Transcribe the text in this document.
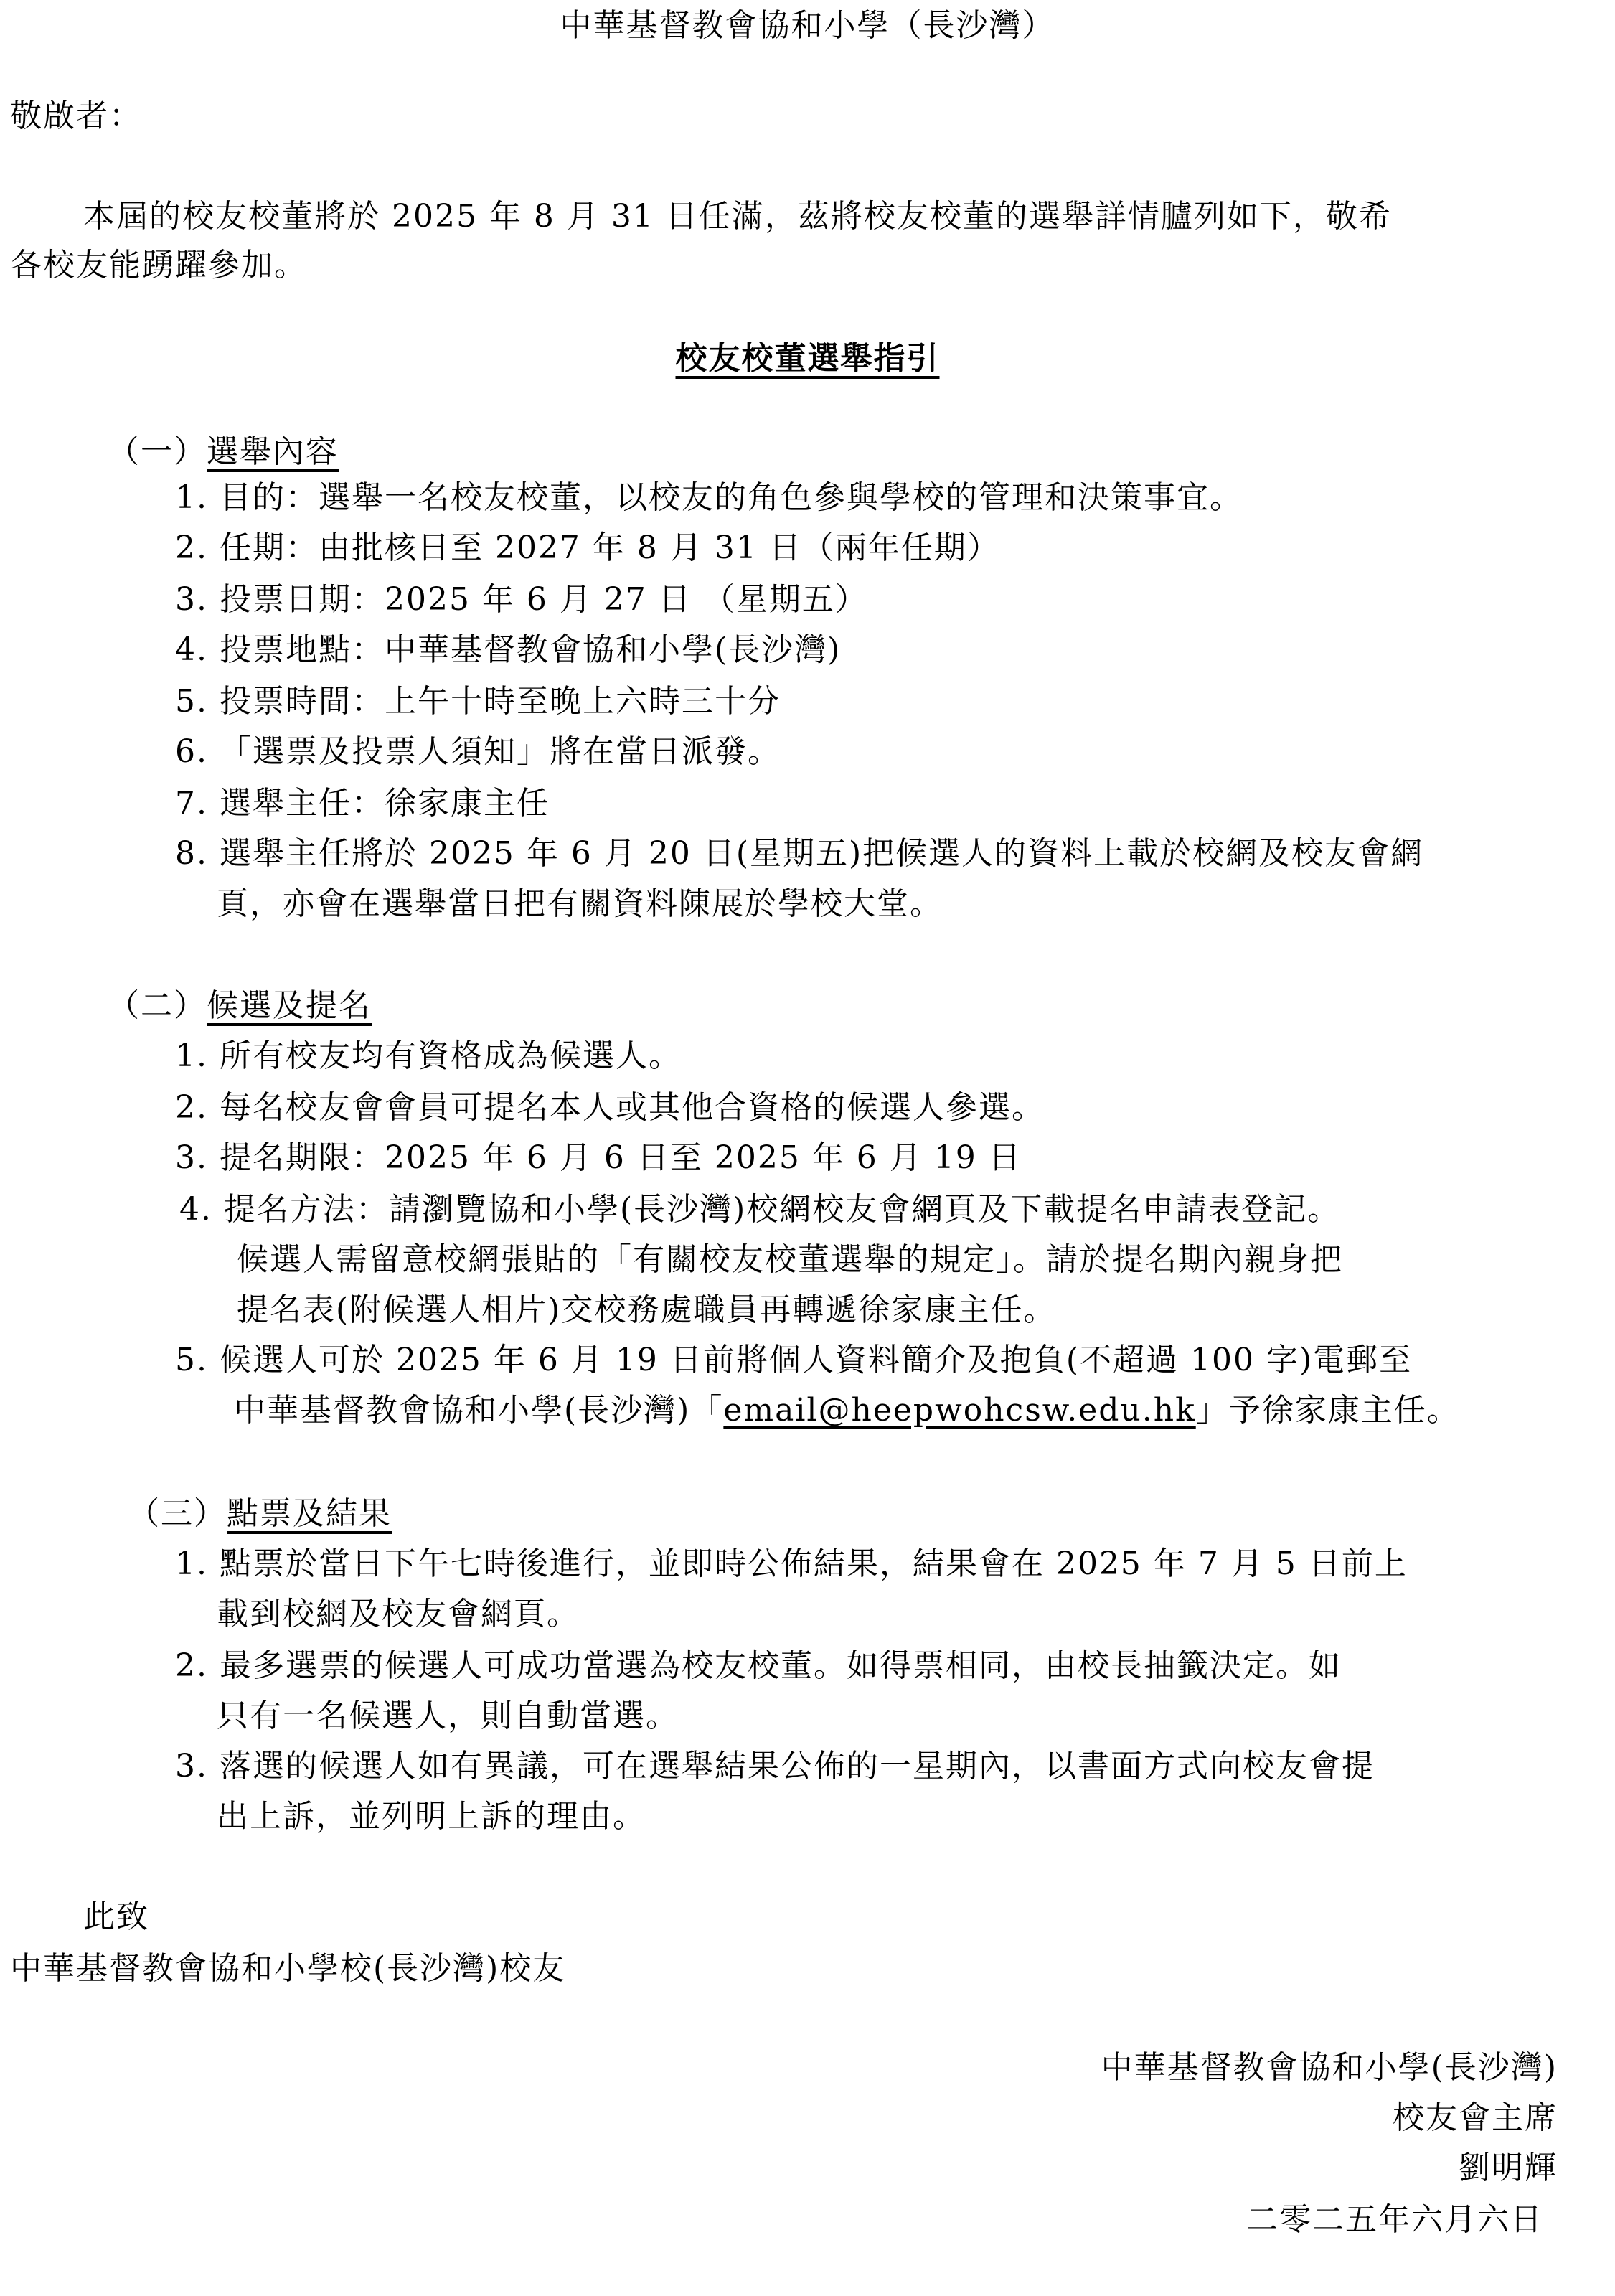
中華基督教會協和小學（長沙灣）
敬啟者：
本屆的校友校董將於 2025 年 8 月 31 日任滿，茲將校友校董的選舉詳情臚列如下，敬希
各校友能踴躍參加。
校友校董選舉指引
（一）選舉內容
1. 目的：選舉一名校友校董，以校友的角色參與學校的管理和決策事宜。
2. 任期：由批核日至 2027 年 8 月 31 日（兩年任期）
3. 投票日期：2025 年 6 月 27 日 （星期五）
4. 投票地點：中華基督教會協和小學(長沙灣)
5. 投票時間：上午十時至晚上六時三十分
6. 「選票及投票人須知」將在當日派發。
7. 選舉主任：徐家康主任
8. 選舉主任將於 2025 年 6 月 20 日(星期五)把候選人的資料上載於校網及校友會網
頁，亦會在選舉當日把有關資料陳展於學校大堂。
（二）候選及提名
1. 所有校友均有資格成為候選人。
2. 每名校友會會員可提名本人或其他合資格的候選人參選。
3. 提名期限：2025 年 6 月 6 日至 2025 年 6 月 19 日
4. 提名方法：請瀏覽協和小學(長沙灣)校網校友會網頁及下載提名申請表登記。
候選人需留意校網張貼的「有關校友校董選舉的規定」。請於提名期內親身把
提名表(附候選人相片)交校務處職員再轉遞徐家康主任。
5. 候選人可於 2025 年 6 月 19 日前將個人資料簡介及抱負(不超過 100 字)電郵至
中華基督教會協和小學(長沙灣)「email@heepwohcsw.edu.hk」予徐家康主任。
（三）點票及結果
1. 點票於當日下午七時後進行，並即時公佈結果，結果會在 2025 年 7 月 5 日前上
載到校網及校友會網頁。
2. 最多選票的候選人可成功當選為校友校董。如得票相同，由校長抽籤決定。如
只有一名候選人，則自動當選。
3. 落選的候選人如有異議，可在選舉結果公佈的一星期內，以書面方式向校友會提
出上訴，並列明上訴的理由。
此致
中華基督教會協和小學校(長沙灣)校友
中華基督教會協和小學(長沙灣)
校友會主席
劉明輝
二零二五年六月六日
